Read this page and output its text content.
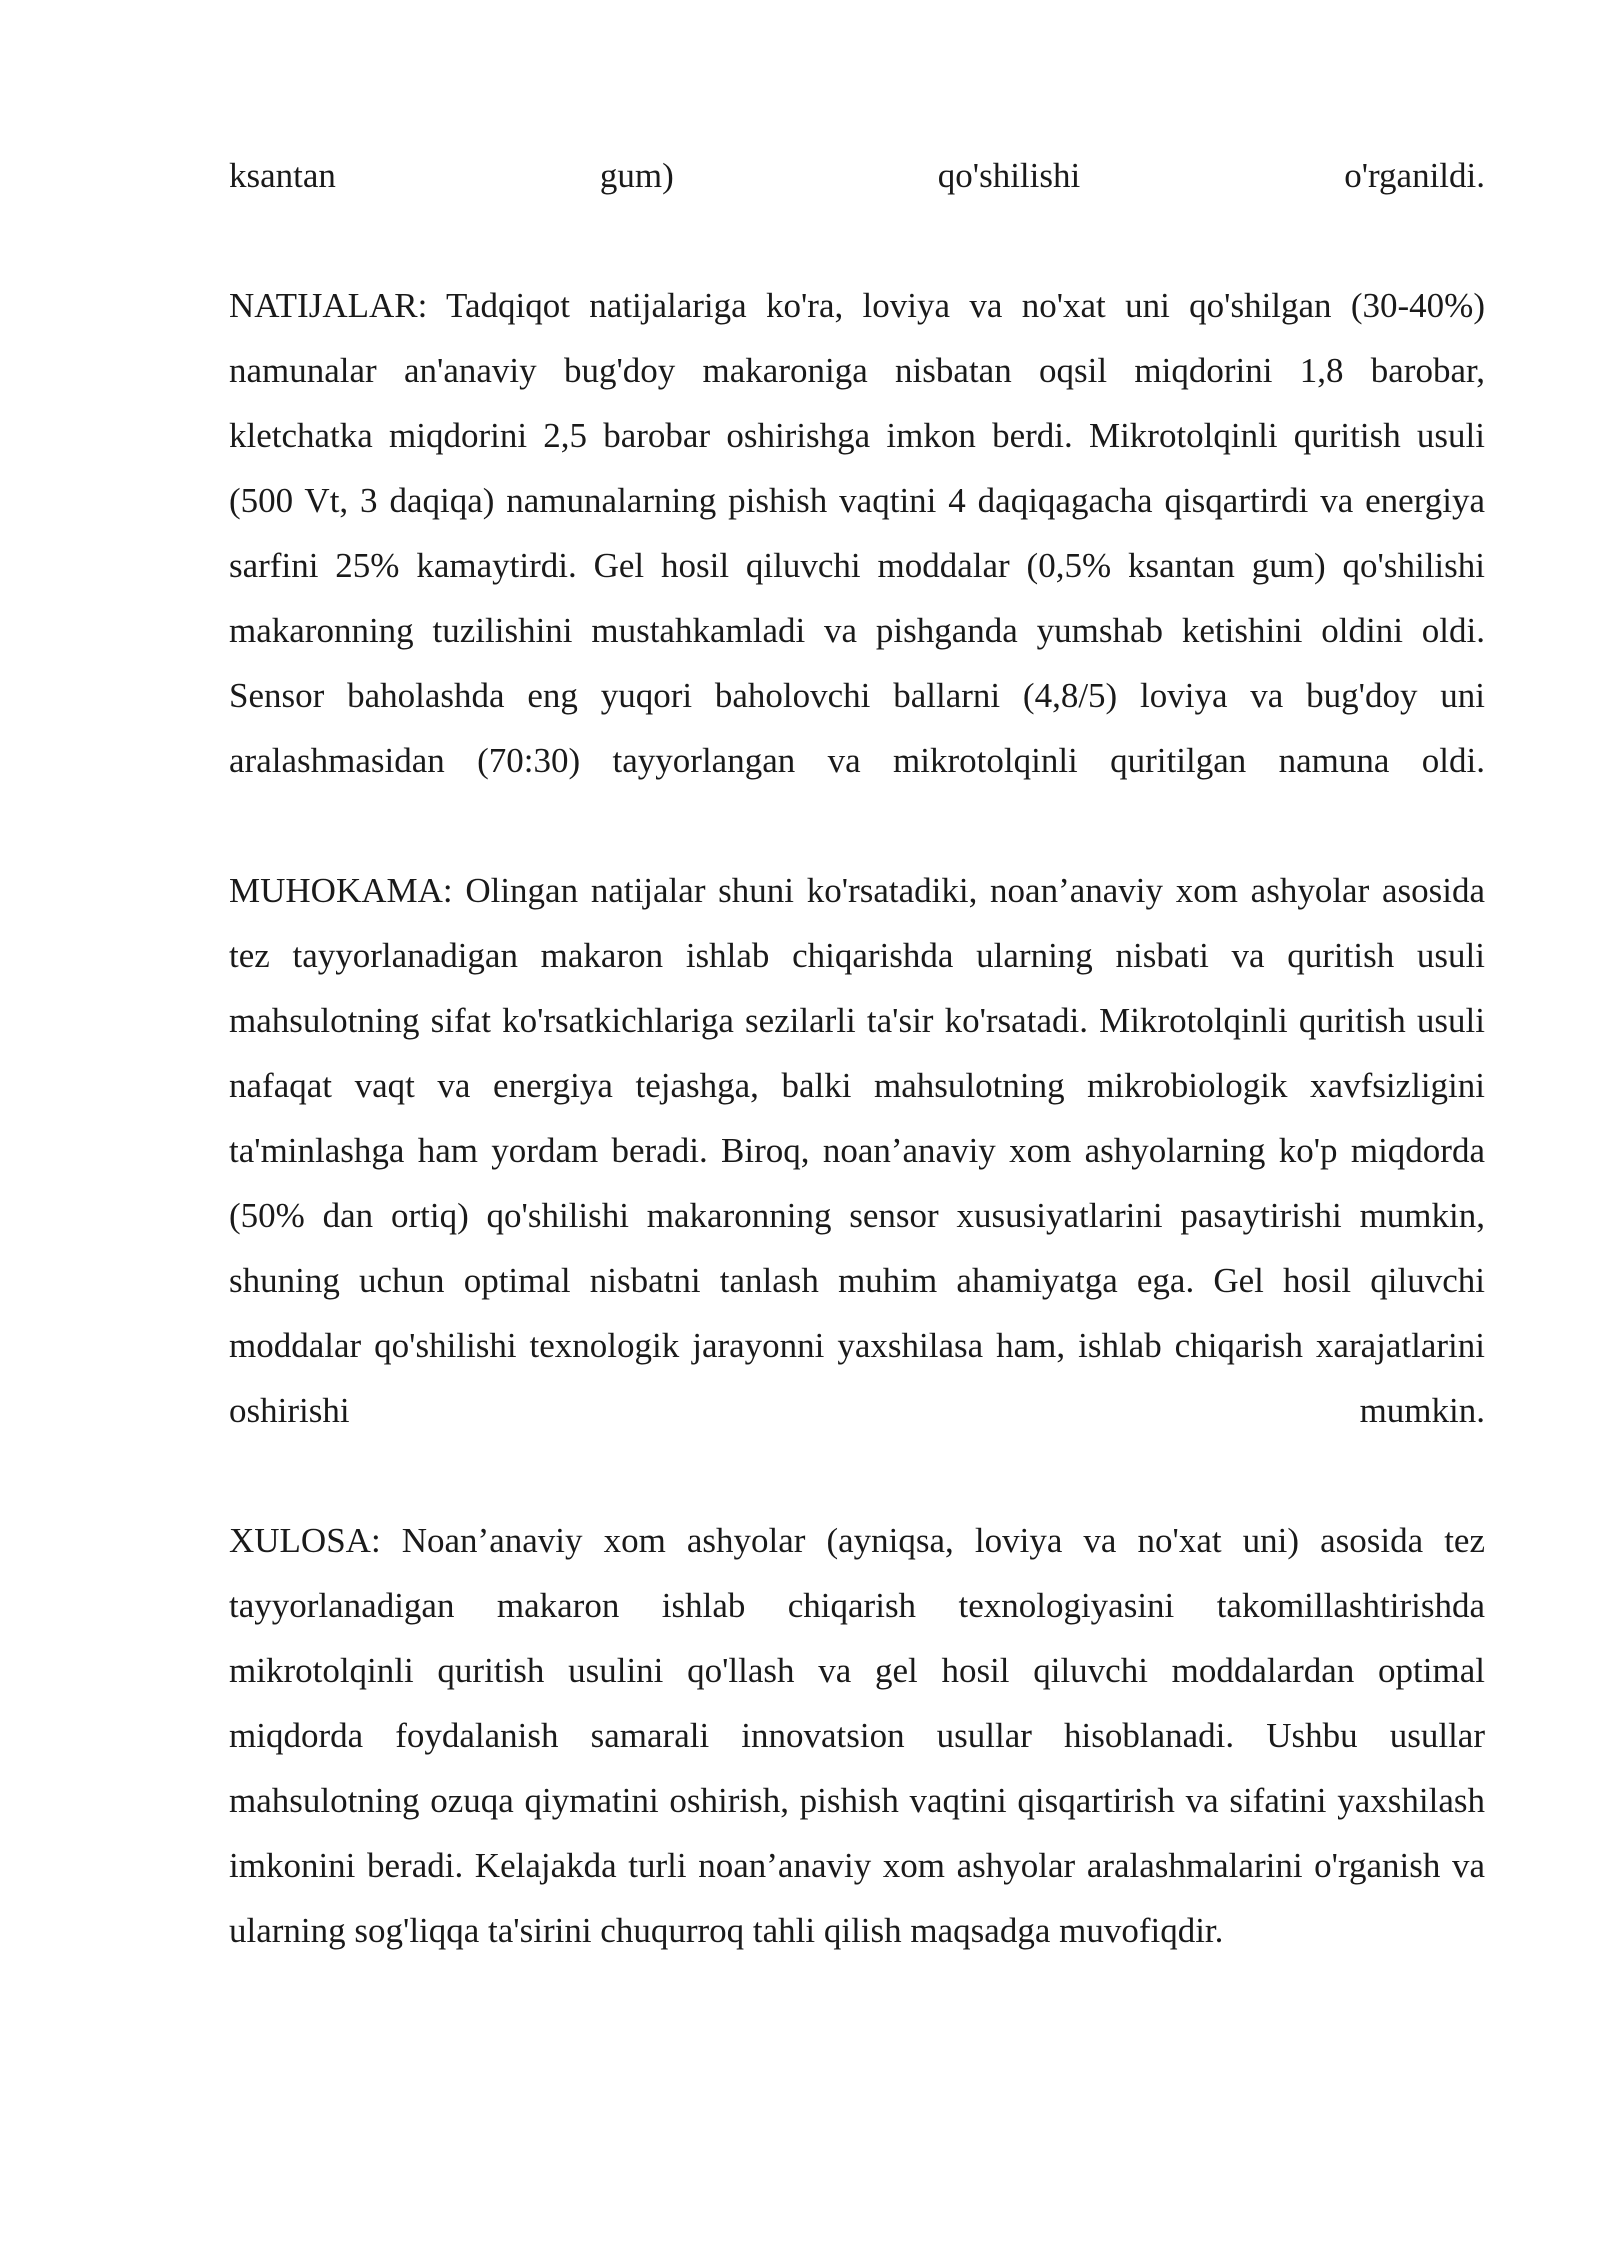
ksantan gum) qo'shilishi o'rganildi.

NATIJALAR: Tadqiqot natijalariga ko'ra, loviya va no'xat uni qo'shilgan (30-40%) namunalar an'anaviy bug'doy makaroniga nisbatan oqsil miqdorini 1,8 barobar, kletchatka miqdorini 2,5 barobar oshirishga imkon berdi. Mikrotolqinli quritish usuli (500 Vt, 3 daqiqa) namunalarning pishish vaqtini 4 daqiqagacha qisqartirdi va energiya sarfini 25% kamaytirdi. Gel hosil qiluvchi moddalar (0,5% ksantan gum) qo'shilishi makaronning tuzilishini mustahkamladi va pishganda yumshab ketishini oldini oldi. Sensor baholashda eng yuqori baholovchi ballarni (4,8/5) loviya va bug'doy uni aralashmasidan (70:30) tayyorlangan va mikrotolqinli quritilgan namuna oldi.

MUHOKAMA: Olingan natijalar shuni ko'rsatadiki, noan’anaviy xom ashyolar asosida tez tayyorlanadigan makaron ishlab chiqarishda ularning nisbati va quritish usuli mahsulotning sifat ko'rsatkichlariga sezilarli ta'sir ko'rsatadi. Mikrotolqinli quritish usuli nafaqat vaqt va energiya tejashga, balki mahsulotning mikrobiologik xavfsizligini ta'minlashga ham yordam beradi. Biroq, noan’anaviy xom ashyolarning ko'p miqdorda (50% dan ortiq) qo'shilishi makaronning sensor xususiyatlarini pasaytirishi mumkin, shuning uchun optimal nisbatni tanlash muhim ahamiyatga ega. Gel hosil qiluvchi moddalar qo'shilishi texnologik jarayonni yaxshilasa ham, ishlab chiqarish xarajatlarini oshirishi mumkin.

XULOSA: Noan’anaviy xom ashyolar (ayniqsa, loviya va no'xat uni) asosida tez tayyorlanadigan makaron ishlab chiqarish texnologiyasini takomillashtirishda mikrotolqinli quritish usulini qo'llash va gel hosil qiluvchi moddalardan optimal miqdorda foydalanish samarali innovatsion usullar hisoblanadi. Ushbu usullar mahsulotning ozuqa qiymatini oshirish, pishish vaqtini qisqartirish va sifatini yaxshilash imkonini beradi. Kelajakda turli noan’anaviy xom ashyolar aralashmalarini o'rganish va ularning sog'liqqa ta'sirini chuqurroq tahli qilish maqsadga muvofiqdir.
